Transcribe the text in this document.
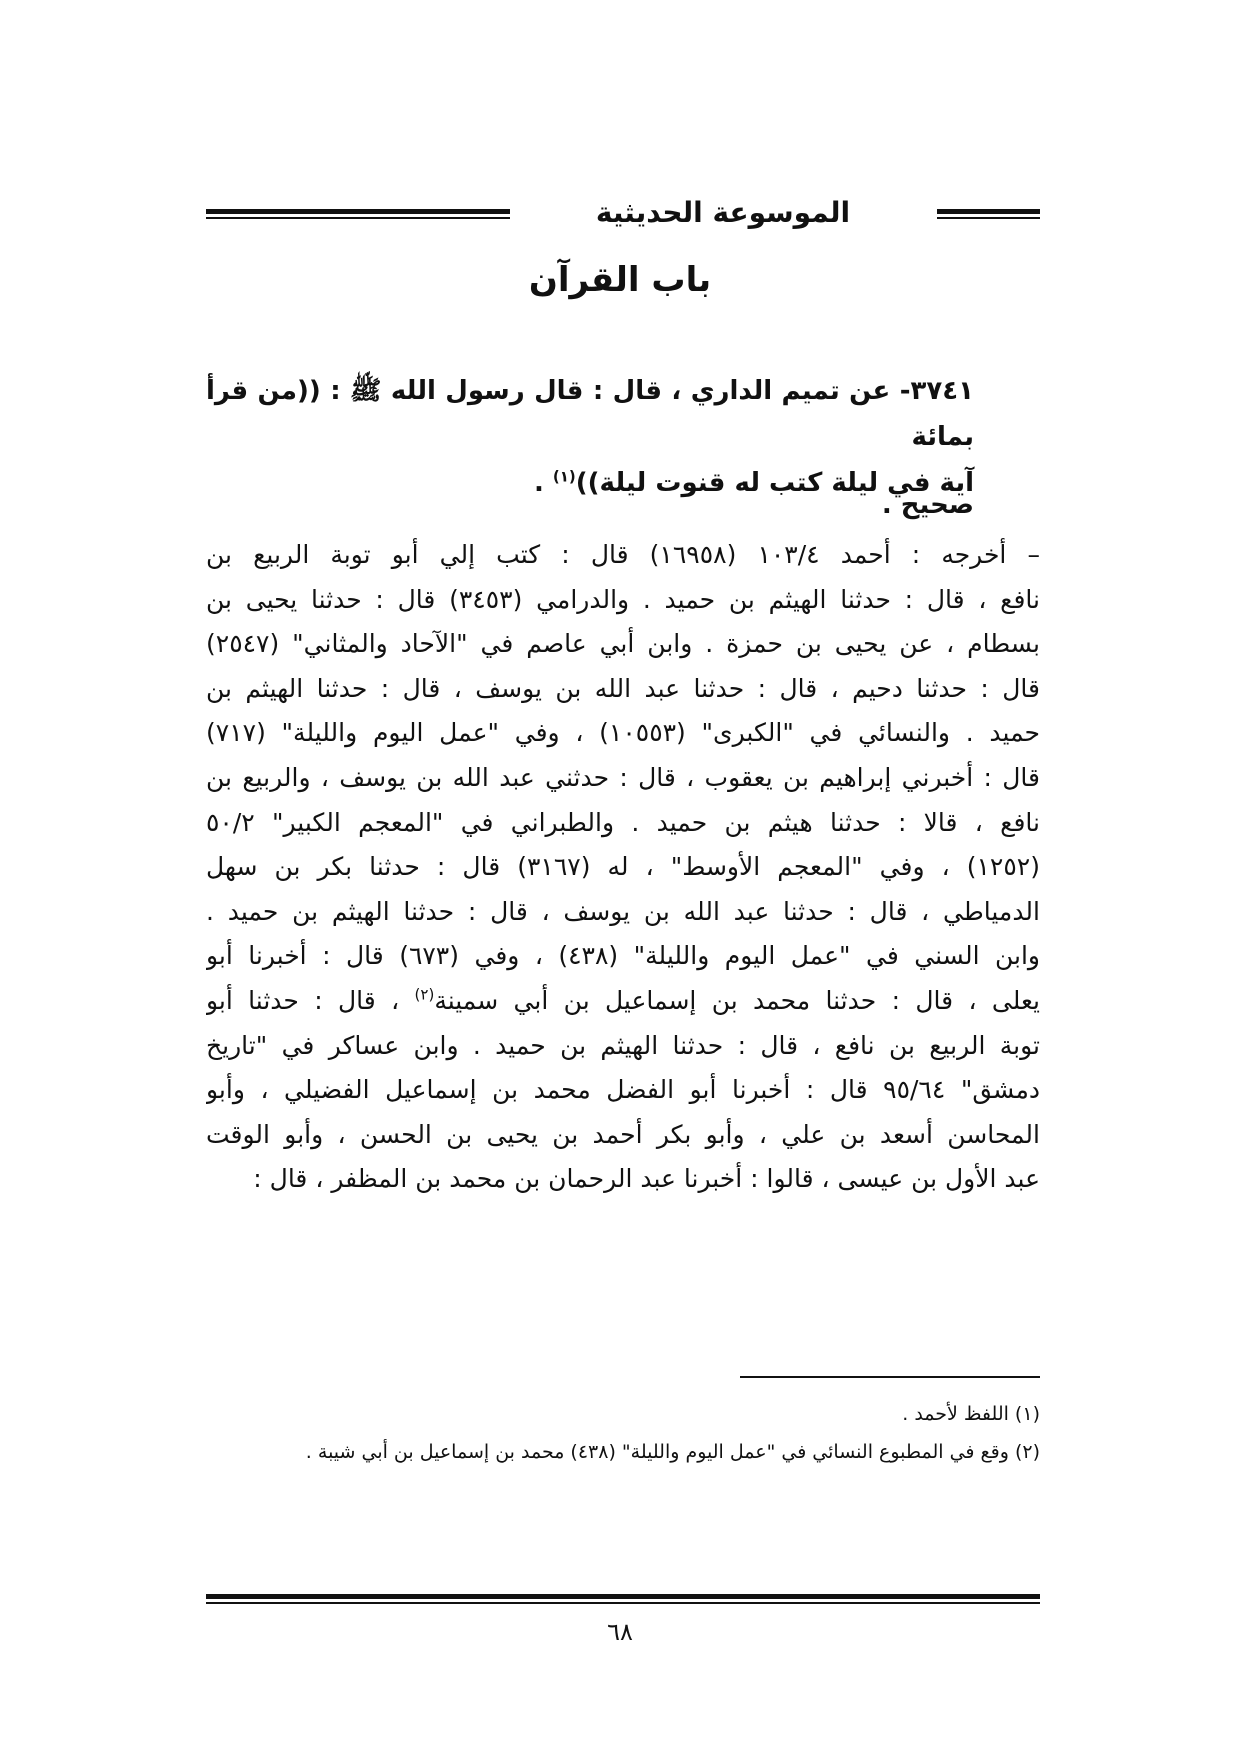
الموسوعة الحديثية
باب القرآن
٣٧٤١- عن تميم الداري ، قال : قال رسول الله ﷺ : ((من قرأ بمائة
آية في ليلة كتب له قنوت ليلة))$^{(١)}$ .
صحيح .
– أخرجه : أحمد ١٠٣/٤ (١٦٩٥٨) قال : كتب إلي أبو توبة الربيع بن
نافع ، قال : حدثنا الهيثم بن حميد . والدرامي (٣٤٥٣) قال : حدثنا يحيى بن
بسطام ، عن يحيى بن حمزة . وابن أبي عاصم في "الآحاد والمثاني" (٢٥٤٧)
قال : حدثنا دحيم ، قال : حدثنا عبد الله بن يوسف ، قال : حدثنا الهيثم بن
حميد . والنسائي في "الكبرى" (١٠٥٥٣) ، وفي "عمل اليوم والليلة" (٧١٧)
قال : أخبرني إبراهيم بن يعقوب ، قال : حدثني عبد الله بن يوسف ، والربيع بن
نافع ، قالا : حدثنا هيثم بن حميد . والطبراني في "المعجم الكبير" ٥٠/٢
(١٢٥٢) ، وفي "المعجم الأوسط" ، له (٣١٦٧) قال : حدثنا بكر بن سهل
الدمياطي ، قال : حدثنا عبد الله بن يوسف ، قال : حدثنا الهيثم بن حميد .
وابن السني في "عمل اليوم والليلة" (٤٣٨) ، وفي (٦٧٣) قال : أخبرنا أبو
يعلى ، قال : حدثنا محمد بن إسماعيل بن أبي سمينة$^{(٢)}$ ، قال : حدثنا أبو
توبة الربيع بن نافع ، قال : حدثنا الهيثم بن حميد . وابن عساكر في "تاريخ
دمشق" ٩٥/٦٤ قال : أخبرنا أبو الفضل محمد بن إسماعيل الفضيلي ، وأبو
المحاسن أسعد بن علي ، وأبو بكر أحمد بن يحيى بن الحسن ، وأبو الوقت
عبد الأول بن عيسى ، قالوا : أخبرنا عبد الرحمان بن محمد بن المظفر ، قال :
(١) اللفظ لأحمد .
(٢) وقع في المطبوع النسائي في "عمل اليوم والليلة" (٤٣٨) محمد بن إسماعيل بن أبي شيبة .
٦٨
